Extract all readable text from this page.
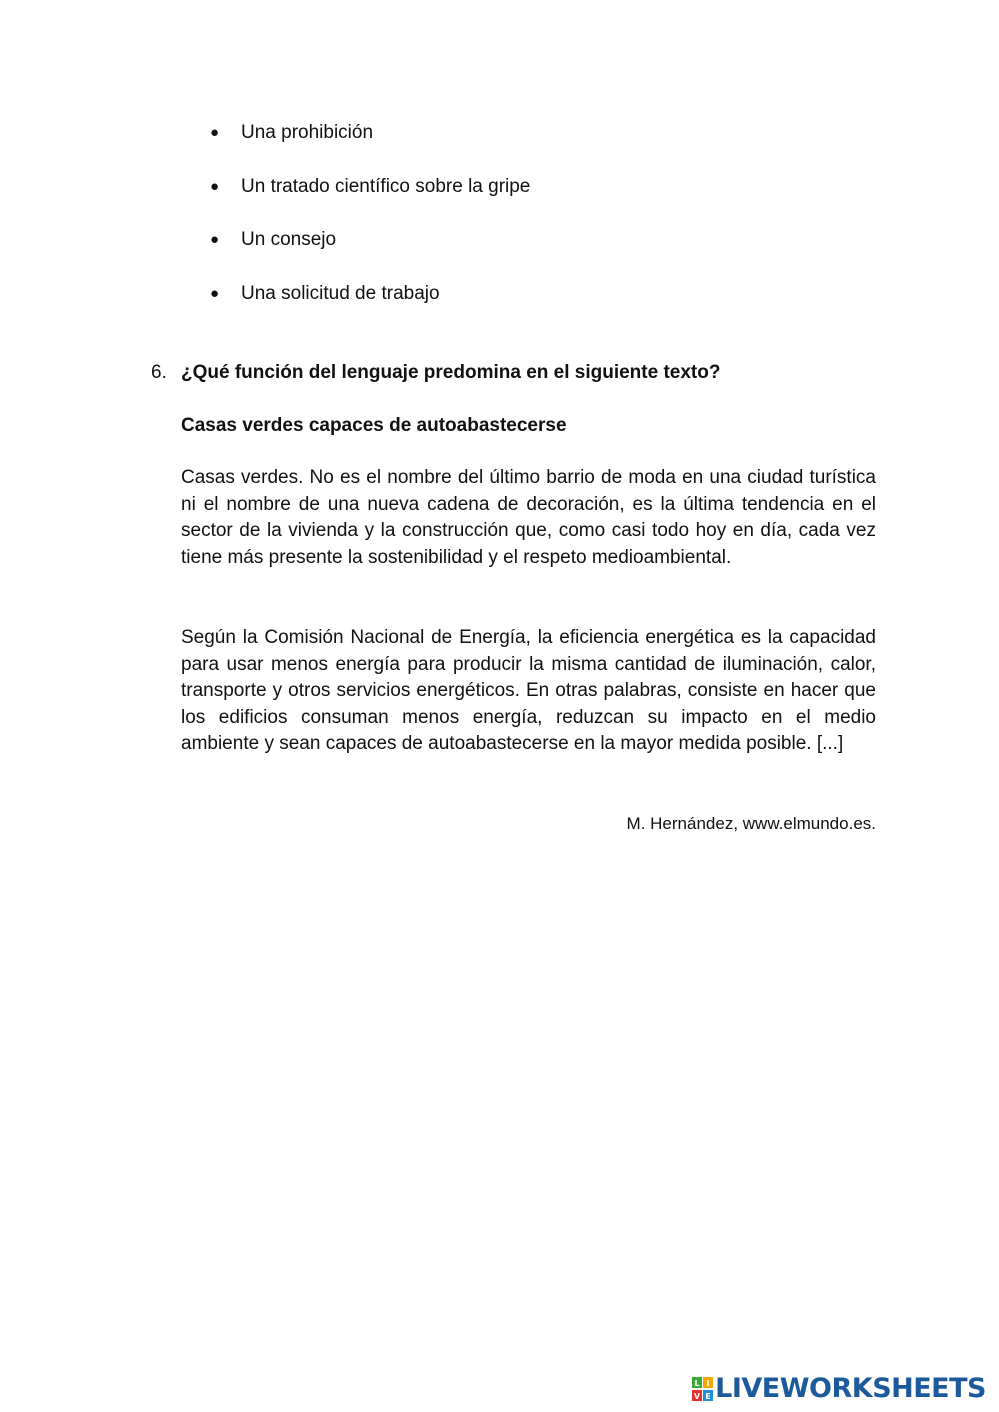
● Una prohibición
● Un tratado científico sobre la gripe
● Un consejo
● Una solicitud de trabajo
6. ¿Qué función del lenguaje predomina en el siguiente texto?
Casas verdes capaces de autoabastecerse

Casas verdes. No es el nombre del último barrio de moda en una ciudad turística ni el nombre de una nueva cadena de decoración, es la última tendencia en el sector de la vivienda y la construcción que, como casi todo hoy en día, cada vez tiene más presente la sostenibilidad y el respeto medioambiental.

Según la Comisión Nacional de Energía, la eficiencia energética es la capacidad para usar menos energía para producir la misma cantidad de iluminación, calor, transporte y otros servicios energéticos. En otras palabras, consiste en hacer que los edificios consuman menos energía, reduzcan su impacto en el medio ambiente y sean capaces de autoabastecerse en la mayor medida posible. [...]

M. Hernández, www.elmundo.es.
L I
V E LIVEWORKSHEETS
